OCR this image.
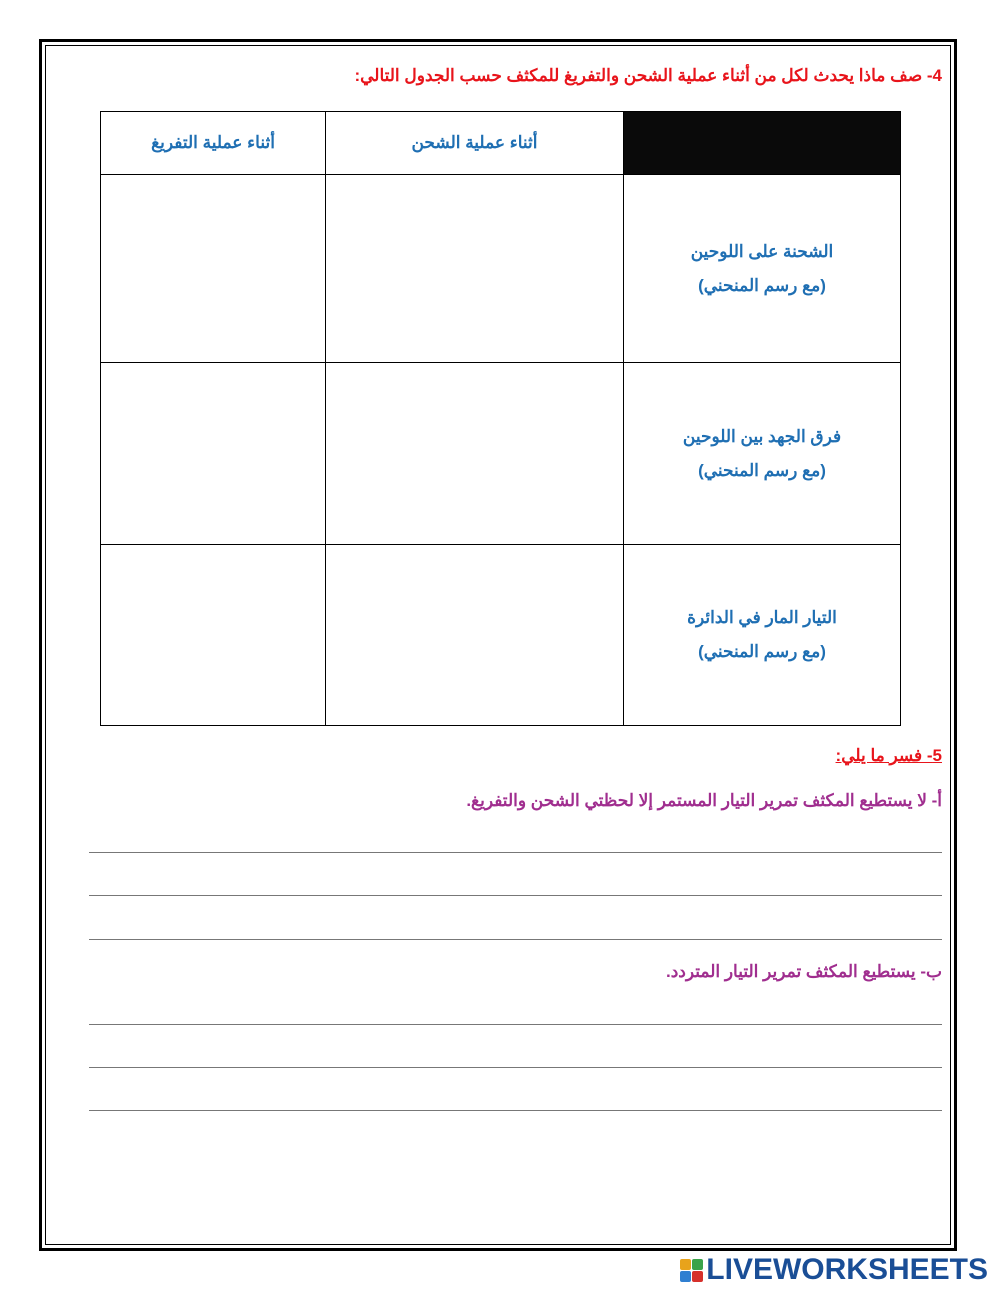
4- صف ماذا يحدث لكل من أثناء عملية الشحن والتفريغ للمكثف حسب الجدول التالي:
	أثناء عملية الشحن	أثناء عملية التفريغ

الشحنة على اللوحين
(مع رسم المنحني)		

فرق الجهد بين اللوحين
(مع رسم المنحني)		

التيار المار في الدائرة
(مع رسم المنحني)		

5- فسر ما يلي:
أ- لا يستطيع المكثف تمرير التيار المستمر إلا لحظتي الشحن والتفريغ.
ب- يستطيع المكثف تمرير التيار المتردد.
LIVEWORKSHEETS
